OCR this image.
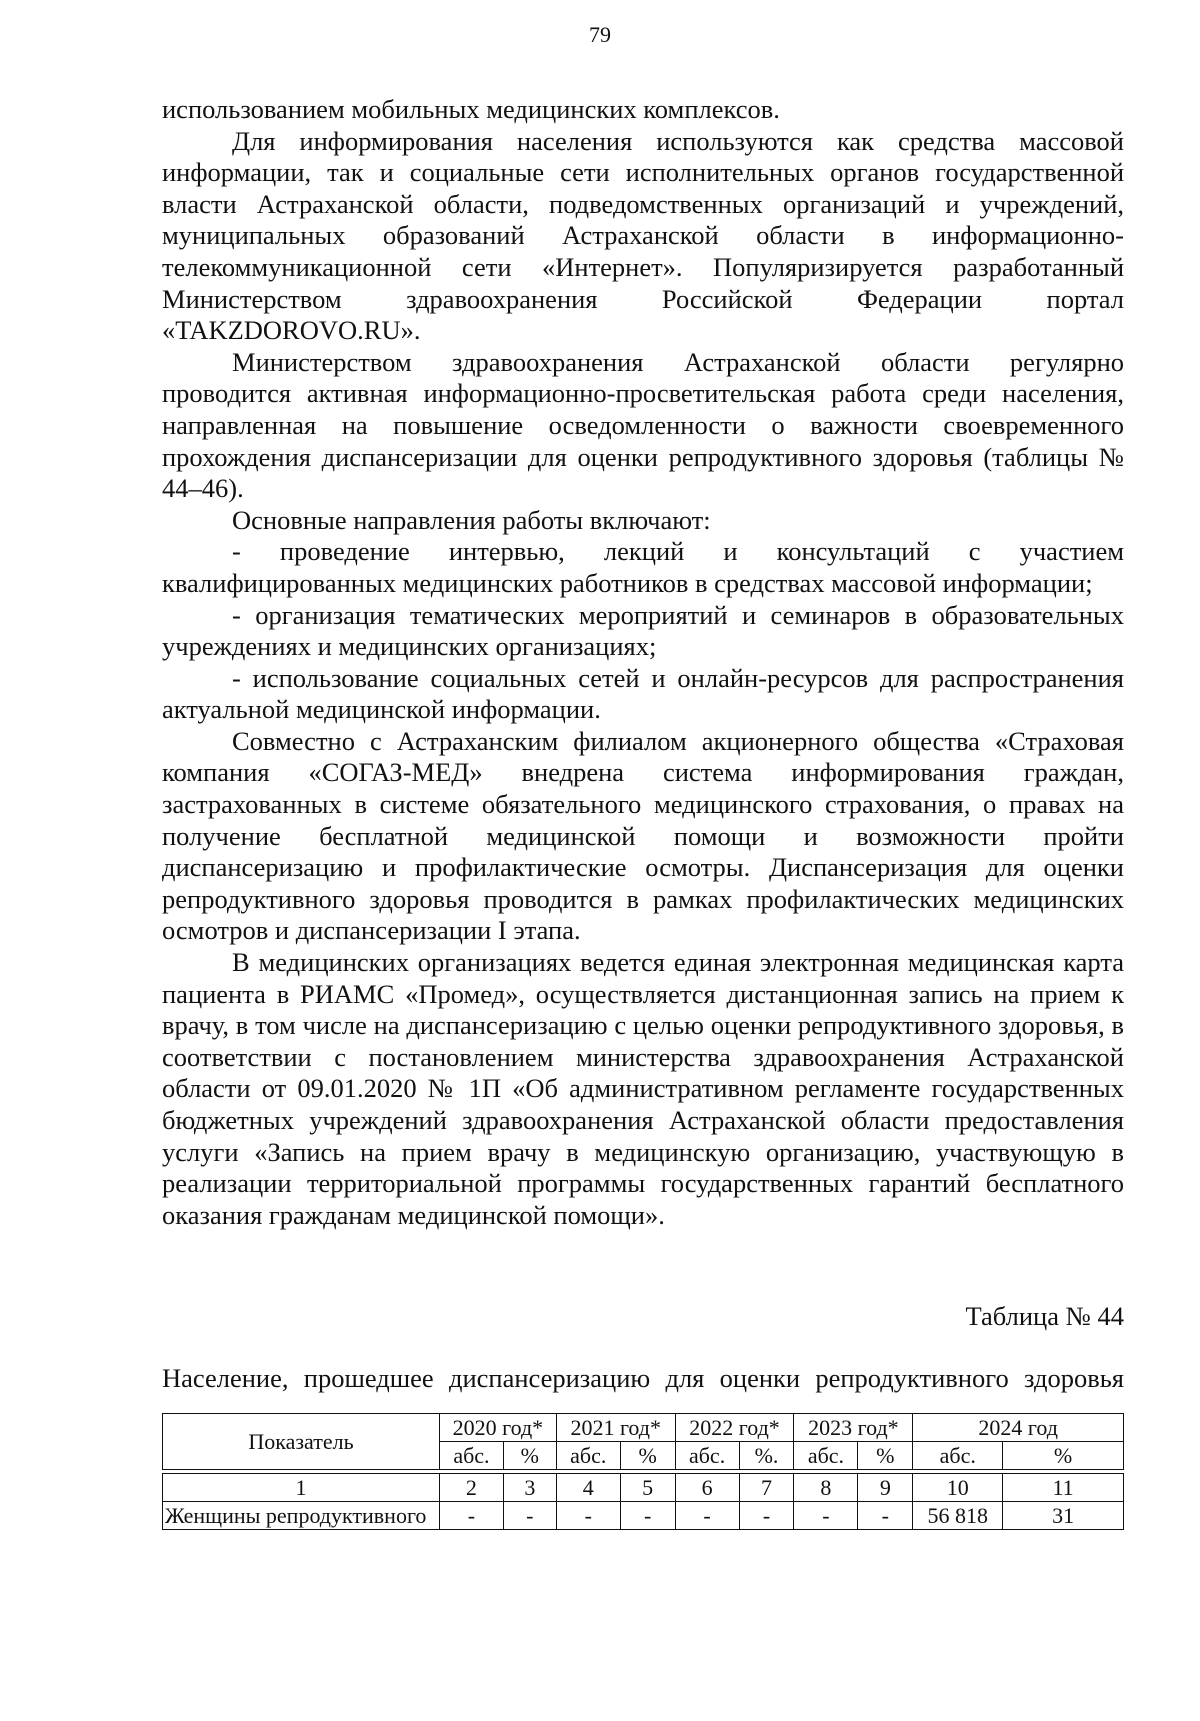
79

использованием мобильных медицинских комплексов.

Для информирования населения используются как средства массовой информации, так и социальные сети исполнительных органов государственной власти Астраханской области, подведомственных организаций и учреждений, муниципальных образований Астраханской области в информационно-телекоммуникационной сети «Интернет». Популяризируется разработанный Министерством здравоохранения Российской Федерации портал «TAKZDOROVO.RU».

Министерством здравоохранения Астраханской области регулярно проводится активная информационно-просветительская работа среди населения, направленная на повышение осведомленности о важности своевременного прохождения диспансеризации для оценки репродуктивного здоровья (таблицы № 44–46).

Основные направления работы включают:

- проведение интервью, лекций и консультаций с участием квалифицированных медицинских работников в средствах массовой информации;

- организация тематических мероприятий и семинаров в образовательных учреждениях и медицинских организациях;

- использование социальных сетей и онлайн-ресурсов для распространения актуальной медицинской информации.

Совместно с Астраханским филиалом акционерного общества «Страховая компания «СОГАЗ-МЕД» внедрена система информирования граждан, застрахованных в системе обязательного медицинского страхования, о правах на получение бесплатной медицинской помощи и возможности пройти диспансеризацию и профилактические осмотры. Диспансеризация для оценки репродуктивного здоровья проводится в рамках профилактических медицинских осмотров и диспансеризации I этапа.

В медицинских организациях ведется единая электронная медицинская карта пациента в РИАМС «Промед», осуществляется дистанционная запись на прием к врачу, в том числе на диспансеризацию с целью оценки репродуктивного здоровья, в соответствии с постановлением министерства здравоохранения Астраханской области от 09.01.2020 № 1П «Об административном регламенте государственных бюджетных учреждений здравоохранения Астраханской области предоставления услуги «Запись на прием врачу в медицинскую организацию, участвующую в реализации территориальной программы государственных гарантий бесплатного оказания гражданам медицинской помощи».

Таблица № 44
Население, прошедшее диспансеризацию для оценки репродуктивного здоровья
Показатель	2020 год*		2021 год*		2022 год*		2023 год*		2024 год	
	абс.	%	абс.	%	абс.	%.	абс.	%	абс.	%

1	2	3	4	5	6	7	8	9	10	11
Женщины репродуктивного	-	-	-	-	-	-	-	-	56 818	31
